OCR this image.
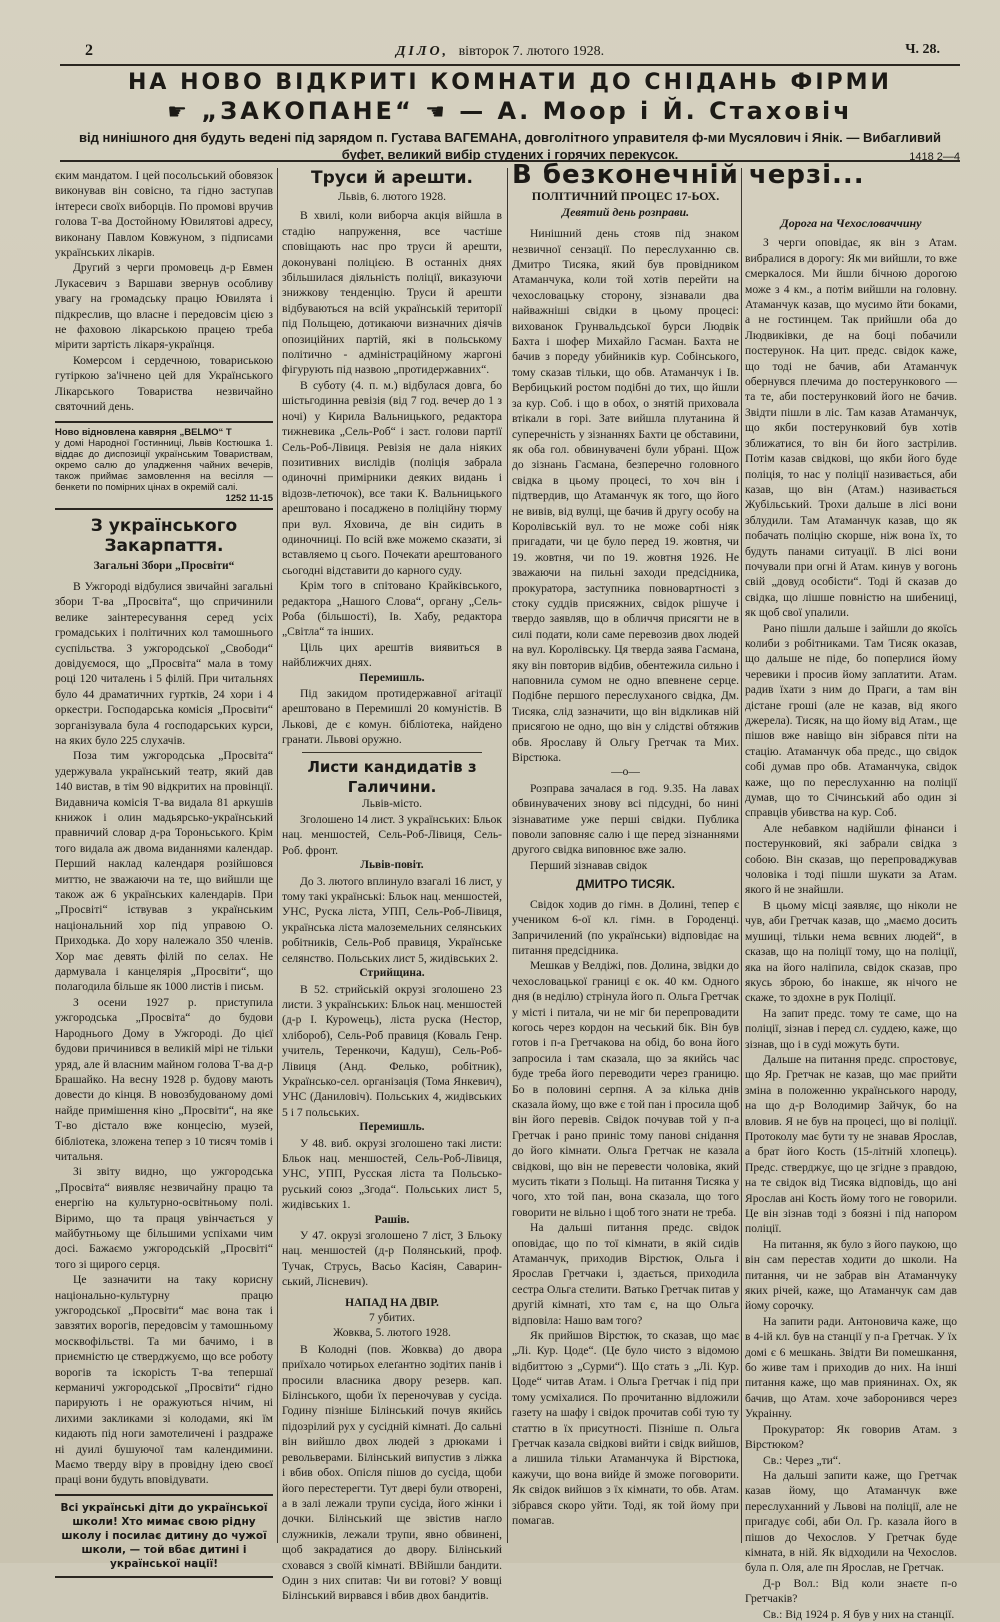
2	ДІЛО, вівторок 7. лютого 1928.	Ч. 28.
НА НОВО ВІДКРИТІ КОМНАТИ ДО СНІДАНЬ ФІРМИ
☛ „ЗАКОПАНЕ“ ☚ — А. Моор і Й. Стаховіч
від нинішного дня будуть ведені під зарядом п. Густава ВАГЕМАНА, довголітного управителя ф-ми Мусялович і Янік. — Вибагливий буфет, великий вибір студених і горячих перекусок.	1418 2—4

єким мандатом. І цей посольський обовязок виконував він совісно, та гідно заступав інтереси своїх виборців. По промові вручив голова Т-ва Достойному Ювилятові адресу, виконану Павлом Ковжуном, з підписами українських лікарів.

Другий з черги промовець д-р Евмен Лукасевич з Варшави звернув особливу увагу на громадську працю Ювилята і підкреслив, що власне і передовсім цією з не фаховою лікарською працею треба мірити зартість лікаря-українця.

Комерсом і сердечною, товариською гутіркою за'ічнено цей для Українського Лікарського Товариства незвичайно святочний день.

Ново відновлена кавярня „BELMO“ Т
у домі Народної Гостинниці, Львів Костюшка 1. віддає до диспозиції українським Товариствам, окремо салю до уладження чайних вечерів, також приймає замовлення на весілля — бенкети по помірних цінах в окремій салі.
1252 11-15
З українського Закарпаття.
Загальні Збори „Просвіти“

В Ужгороді відбулися звичайні загальні збори Т-ва „Просвіта“, що спричинили велике заінтересування серед усіх громадських і політичних кол тамошнього суспільства. З ужгородської „Свободи“ довідуємося, що „Просвіта“ мала в тому році 120 читалень і 5 філій. При читальнях було 44 драматичних гуртків, 24 хори і 4 оркестри. Господарська комісія „Просвіти“ зорганізувала була 4 господарських курси, на яких було 225 слухачів.

Поза тим ужгородська „Просвіта“ удержувала український театр, який дав 140 вистав, в тім 90 відкритих на провінції. Видавнича комісія Т-ва видала 81 аркушів книжок і олин мадьярсько-український правничий словар д-ра Тороньського. Крім того видала аж двома виданнями календар. Перший наклад календаря розійшовся миттю, не зважаючи на те, що вийшли ще також аж 6 українських календарів. При „Просвіті“ іствував з українським національний хор під управою О. Приходька. До хору належало 350 членів. Хор має девять філій по селах. Не дармувала і канцелярія „Просвіти“, що полагодила більше як 1000 листів і письм.

З осени 1927 р. приступила ужгородська „Просвіта“ до будови Народнього Дому в Ужгороді. До цієї будови причинився в великій мірі не тільки уряд, але й власним майном голова Т-ва д-р Брашайко. На весну 1928 р. будову мають довести до кінця. В новозбудованому домі найде примішення кіно „Просвіти“, на яке Т-во дістало вже концесію, музей, бібліотека, зложена тепер з 10 тисяч томів і читальня.

Зі звіту видно, що ужгородська „Просвіта“ виявляє незвичайну працю та енергію на культурно-освітньому полі. Віримо, що та праця увінчається у майбутньому ще більшими успіхами чим досі. Бажаємо ужгородській „Просвіті“ того зі щирого серця.

Це зазначити на таку корисну національно-культурну працю ужгородської „Просвіти“ має вона так і завзятих ворогів, передовсім у тамошньому москвофільстві. Та ми бачимо, і в приємністю це стверджуємо, що все роботу ворогів та іскорість Т-ва тепершаї керманичі ужгородської „Просвіти“ гідно парирують і не оражуються нічим, ні лихими закликами зі колодами, які їм кидають під ноги замотеличені і раздраже ні дуилі бушуючої там календимини. Маємо тверду віру в провідну ідею своєї праці вони будуть вповідувати.

Всі українські діти до української школи! Хто мимає свою рідну школу і посилає дитину до чужої школи, — той вбає дитині і української нації!
Труси й арешти.
Львів, 6. лютого 1928.

В хвилі, коли виборча акція війшла в стадію напруження, все частіше сповіщають нас про труси й арешти, доконувані поліцією. В останніх днях збільшилася діяльність поліції, виказуючи знижкову тенденцію. Труси й арешти відбуваються на всій українській території під Польщею, дотикаючи визначних діячів опозиційних партій, які в польському політично - адміністраційному жаргоні фігурують під назвою „протидержавних“.

В суботу (4. п. м.) відбулася довга, бо шістьгодинна ревізія (від 7 год. вечер до 1 з ночі) у Кирила Вальницького, редактора тижневика „Сель-Роб“ і заст. голови партії Сель-Роб-Лівиця. Ревізія не дала ніяких позитивних вислідів (поліція забрала одиночні примірники деяких видань і відозв-летючок), все таки К. Вальницького арештовано і посаджено в поліційну тюрму при вул. Яховича, де він сидить в одиночниці. По всій вже можемо сказати, зі вставляемо ц сього. Почекати арештованого сьогодні відставити до карного суду.

Крім того в спітовано Крайківського, редактора „Нашого Слова“, органу „Сель-Роба (більшості), Ів. Хабу, редактора „Світла“ та інших.

Ціль цих арештів виявиться в найближчих днях.

Перемишль.

Під закидом протидержавної агітації арештовано в Перемишлі 20 комуністів. В Лькові, де є комун. бібліотека, найдено гранати. Львові оружно.

Листи кандидатів з Галичини.
Львів-місто.

Зголошено 14 лист. З українських: Бльок нац. меншостей, Сель-Роб-Лівиця, Сель-Роб. фронт.

Львів-повіт.

До 3. лютого вплинуло взагалі 16 лист, у тому такі українські: Бльок нац. меншостей, УНС, Руска ліста, УПП, Сель-Роб-Лівиця, українська ліста малоземельних селянських робітників, Сель-Роб правиця, Українське селянство. Польських лист 5, жидівських 2.

Стрийщина.

В 52. стрийській окрузі зголошено 23 листи. З українських: Бльок нац. меншостей (д-р І. Курowець), ліста руска (Нестор, хлібороб), Сель-Роб правиця (Коваль Генр. учитель, Теренкочи, Кадуш), Сель-Роб-Лівиця (Анд. Фелько, робітник), Українсько-сел. організація (Тома Янкевич), УНС (Даниловіч). Польських 4, жидівських 5 і 7 польських.

Перемишль.

У 48. виб. окрузі зголошено такі листи: Бльок нац. меншостей, Сель-Роб-Лівиця, УНС, УПП, Русская ліста та Польсько-руський союз „Згода“. Польських лист 5, жидівських 1.

Рашів.

У 47. окрузі зголошено 7 ліст, З Бльоку нац. меншостей (д-р Полянський, проф. Тучак, Струсь, Васьо Касіян, Саварин-ський, Лісневич).

НАПАД НА ДВІР.
7 убитих.
Жовква, 5. лютого 1928.

В Колодні (пов. Жовква) до двора приїхало чотирьох елеґантно зодітих панів і просили власника двору резерв. кап. Білінського, щоби їх переночував у сусіда. Годину пізніше Білінський почув якийсь підозрілий рух у сусідній кімнаті. До сальні він вийшло двох людей з дрюками і револьверами. Білінський випустив з ліжка і вбив обох. Опісля пішов до сусіда, щоби його перестерегти. Тут двері були отворені, а в залі лежали трупи сусіда, його жінки і дочки. Білінський ще звістив нагло служників, лежали трупи, явно обвинені, щоб закрадатися до двору. Білінський сховався з своїй кімнаті. ВВійшли бандити. Один з них спитав: Чи ви готові? У вовщі Білінський вирвався і вбив двох бандитів.

В безконечній черзі...
ПОЛІТИЧНИЙ ПРОЦЕС 17-ЬОХ.
Девятий день розправи.

Нинішний день стояв під знаком незвичної сензації. По переслуханню св. Дмитро Тисяка, який був провідником Атаманчука, коли той хотів перейти на чехословацьку сторону, зізнавали два найважніші свідки в цьому процесі: вихованок Грунвальдської бурси Людвік Бахта і шофер Михайло Гасман. Бахта не бачив з пореду убийників кур. Собінського, тому сказав тільки, що обв. Атаманчук і Ів. Вербицький ростом подібні до тих, що йшли за кур. Соб. і що в обох, о знятій приховала втікали в горі. Зате вийшла плутанина й суперечність у зізнаннях Бахти це обставини, як оба гол. обвинувачені були убрані. Щож до зізнань Гасмана, безперечно головного свідка в цьому процесі, то хоч він і підтвердив, що Атаманчук як того, що його не вивів, від вулці, ще бачив й другу особу на Королівській вул. то не може собі ніяк пригадати, чи це було перед 19. жовтня, чи 19. жовтня, чи по 19. жовтня 1926. Не зважаючи на пильні заходи предсідника, прокуратора, заступника повновартності з стоку суддів присяжних, свідок рішуче і твердо заявляв, що в обличчя присягти не в силі подати, коли саме перевозив двох людей на вул. Королівську. Ця тверда заява Гасмана, яку він повторив відбив, обентежила сильно і наповнила сумом не одно впевнене серце. Подібне першого переслуханого свідка, Дм. Тисяка, слід зазначити, що він відкликав ній присягою не одно, що він у слідстві обтяжив обв. Ярославу й Ольгу Гретчак та Мих. Вірстюка.

—o—

Розправа зачалася в год. 9.35. На лавах обвинувачених знову всі підсудні, бо нині зізнаватиме уже перші свідки. Публика поволи заповняє салю і ще перед зізнаннями другого свідка виповнює вже залю.

Перший зізнавав свідок

ДМИТРО ТИСЯК.

Свідок ходив до гімн. в Долині, тепер є учеником 6-ої кл. гімн. в Городенці. Запричилений (по українськи) відповідає на питання предсідника.

Мешкав у Велдіжі, пов. Долина, звідки до чехословацької границі є ок. 40 км. Одного дня (в неділю) стрінула його п. Ольга Гретчак у місті і питала, чи не міг би перепровадити когось через кордон на чеський бік. Він був готов і п-а Гретчакова на обід, бо вона його запросила і там сказала, що за якийсь час буде треба його переводити через границю. Бо в половині серпня. А за кілька днів сказала йому, що вже є той пан і просила щоб він його перевів. Свідок почував той у п-а Гретчак і рано приніс тому панові снідання до його кімнати. Ольга Гретчак не казала свідкові, що він не перевести чоловіка, який мусить тікати з Польщі. На питання Тисяка у чого, хто той пан, вона сказала, що того говорити не вільно і щоб того знати не треба.

На дальші питання предс. свідок оповідає, що по тої кімнати, в якій сидів Атаманчук, приходив Вірстюк, Ольга і Ярослав Гретчаки і, здається, приходила сестра Ольга стелити. Ватько Гретчак питав у другій кімнаті, хто там є, на що Ольга відповіла: Нашо вам того?

Як прийшов Вірстюк, то сказав, що має „Лі. Кур. Цоде“. (Це було чисто з відомою відбиттою з „Сурми“). Що стать з „Лі. Кур. Цоде“ читав Атам. і Ольга Гретчак і під при тому усміхалися. По прочитанню відложили газету на шафу і свідок прочитав собі тую ту статтю в їх присутності. Пізніше п. Ольга Гретчак казала свідкові вийти і свідк вийшов, а лишила тільки Атаманчука й Вірстюка, кажучи, що вона вийде й зможе поговорити. Як свідок вийшов з їх кімнати, то обв. Атам. зібрався скоро уйти. Тоді, як той йому при помагав.

Дорога на Чехословаччину

З черги оповідає, як він з Атам. вибралися в дорогу: Як ми вийшли, то вже смеркалося. Ми йшли бічною дорогою може з 4 км., а потім вийшли на головну. Атаманчук казав, що мусимо йти боками, а не гостинцем. Так прийшли оба до Людвиківки, де на бoці побачили постерунок. На цит. предс. свідок каже, що тоді не бачив, аби Атаманчук обернувся плечима до постерункового — та те, аби постерунковий його не бачив. Звідти пішли в ліс. Там казав Атаманчук, що якби постерунковий був хотів зближатися, то він би його застрілив. Потім казав свідкові, що якби його буде поліція, то нас у поліції називається, аби казав, що він (Атам.) називається Жубільський. Трохи дальше в лісі вони зблудили. Там Атаманчук казав, що як побачать поліцію скорше, ніж вона їх, то будуть панами ситуації. В лісі вони почували при огні й Атам. кинув у вогонь свій „довуд особісти“. Тоді й сказав до свідка, що лішше повністю на шибениці, як щоб свої упалили.

Рано пішли дальше і зайшли до якоїсь колиби з робітниками. Там Тисяк оказав, що дальше не піде, бо поперлися йому черевики і просив йому заплатити. Атам. радив їхати з ним до Праги, а там він дістане гроші (але не казав, від якого джерела). Тисяк, на що йому від Атам., ще пішов вже навіщо він зібрався піти на стацію. Атаманчук оба предс., що свідок собі думав про обв. Атаманчука, свідок каже, що по переслуханню на поліції думав, що то Січинський або один зі справців убивства на кур. Соб.

Але небавком надійшли фінанси і постерунковий, які забрали свідка з собою. Він сказав, що перепроваджував чоловіка і тоді пішли шукати за Атам. якого й не знайшли.

В цьому місці заявляє, що ніколи не чув, аби Гретчак казав, що „маємо досить мушиці, тільки нема вєвних людей“, в сказав, що на поліції тому, що на поліції, яка на його наліпила, свідок сказав, про якусь зброю, бо інакше, як нічого не скаже, то здохне в рук Поліції.

На запит предс. тому те саме, що на поліції, зізнав і перед сл. суддею, каже, що зізнав, що і в суді можуть бути.

Дальше на питання предс. спростовує, що Яр. Гретчак не казав, що має прийти зміна в положенню українського народу, на що д-р Володимир Зайчук, бо на вловив. Я не був на процесі, що ві поліції. Протоколу має бути ту не знавав Ярослав, а брат його Кость (15-літній хлопець). Предс. стверджує, що це згідне з правдою, на те свідок від Тисяка відповідь, що ані Ярослав ані Кость йому того не говорили. Це він зізнав тоді з боязні і під напором поліції.

На питання, як було з його паукою, що він сам перестав ходити до школи. На питання, чи не забрав він Атаманчуку яких річей, каже, що Атаманчук сам дав йому сорочку.

На запити ради. Антоновича каже, що в 4-ій кл. був на станції у п-а Гретчак. У їх домі є 6 мешкань. Звідти Ви помешкання, бо живе там і приходив до них. На інші питання каже, що мав приянинах. Ох, як бачив, що Атам. хоче заборонився через Украінну.

Прокуратор: Як говорив Атам. з Вірстюком?

Св.: Через „ти“.

На дальші запити каже, що Гретчак казав йому, що Атаманчук вже переслуханний у Львові на поліції, але не пригадує собі, аби Ол. Гр. казала його в пішов до Чехослов. У Гретчак буде кімната, в ній. Як відходили на Чехослов. була п. Оля, але пн Ярослав, не Гретчак.

Д-р Вол.: Від коли знаєте п-о Гретчаків?

Св.: Від 1924 р. Я був у них на станції.
